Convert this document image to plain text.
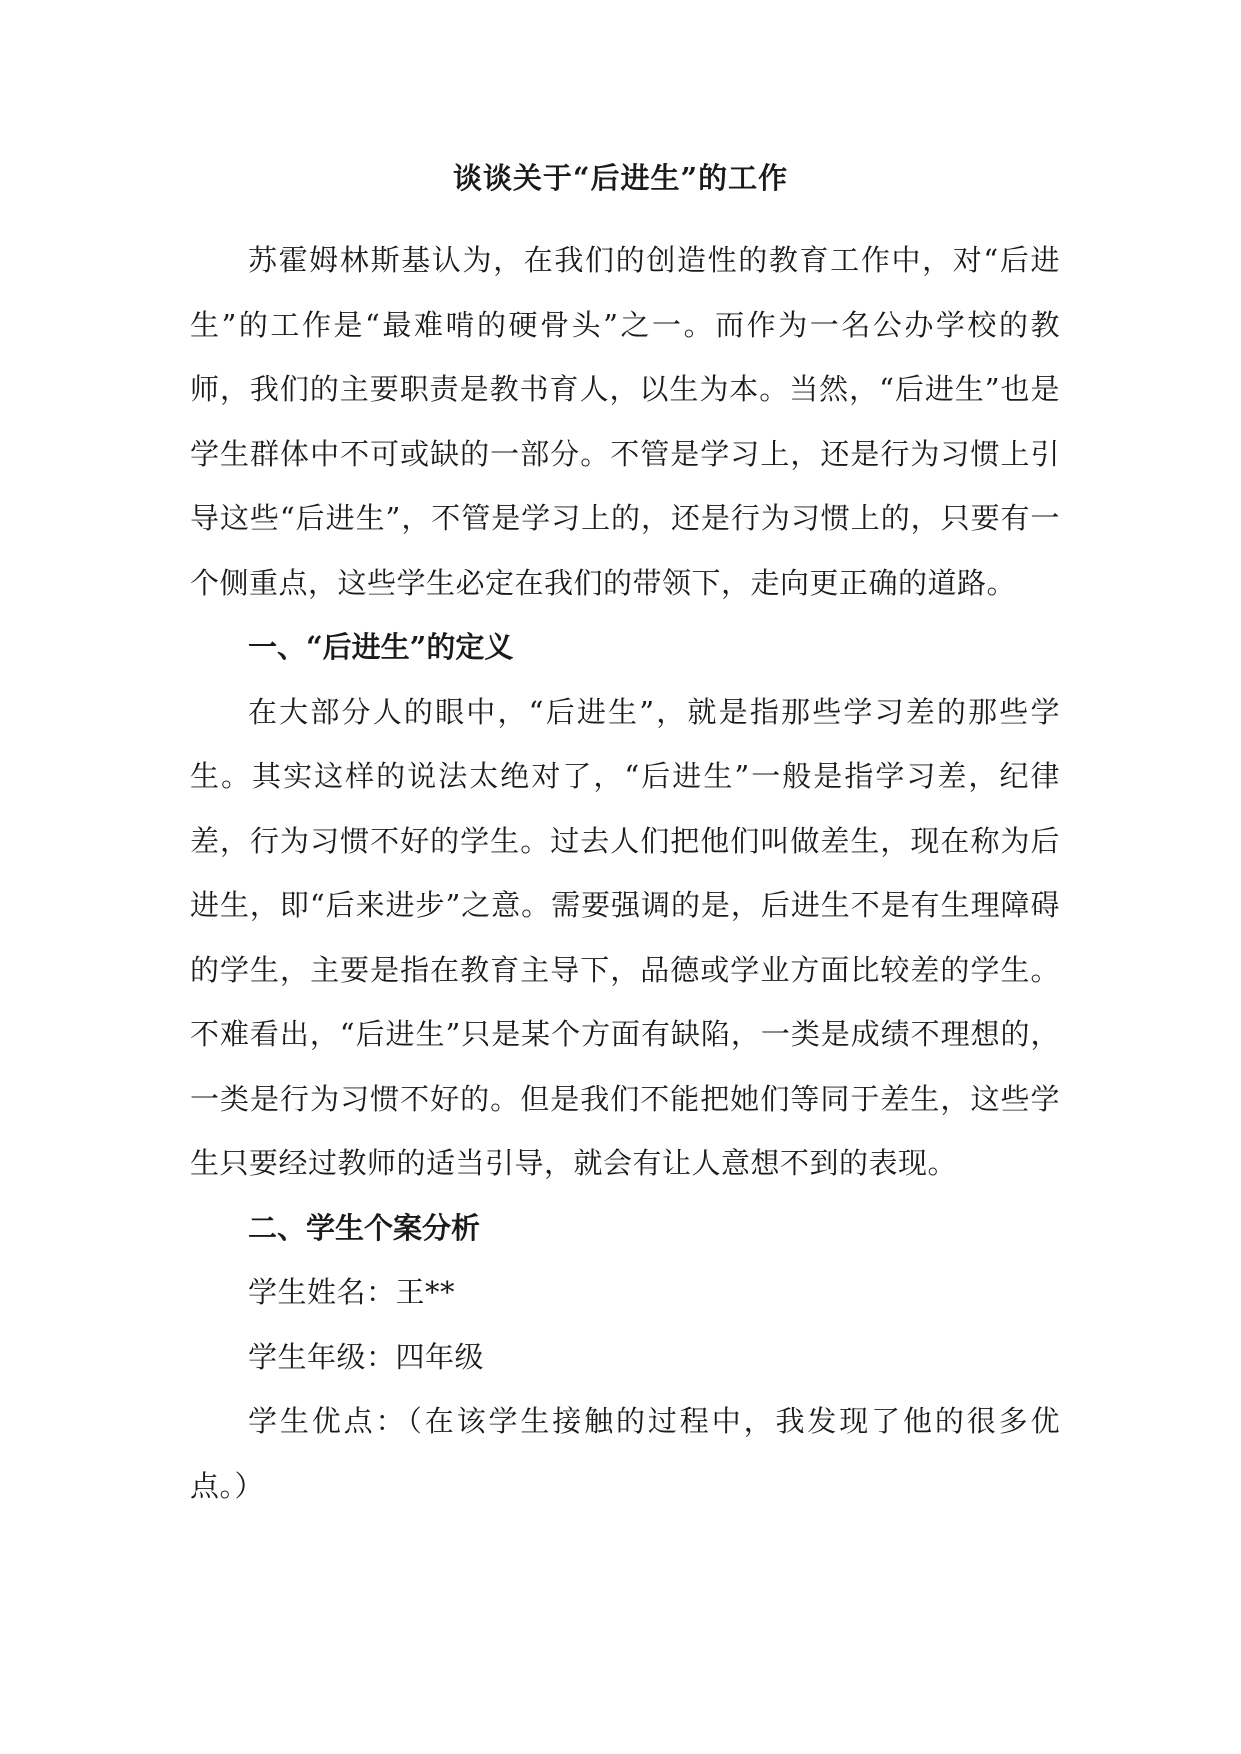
谈谈关于“后进生”的工作

苏霍姆林斯基认为，在我们的创造性的教育工作中，对“后进生”的工作是“最难啃的硬骨头”之一。而作为一名公办学校的教师，我们的主要职责是教书育人，以生为本。当然，“后进生”也是学生群体中不可或缺的一部分。不管是学习上，还是行为习惯上引导这些“后进生”，不管是学习上的，还是行为习惯上的，只要有一个侧重点，这些学生必定在我们的带领下，走向更正确的道路。

一、“后进生”的定义

在大部分人的眼中，“后进生”，就是指那些学习差的那些学生。其实这样的说法太绝对了，“后进生”一般是指学习差，纪律差，行为习惯不好的学生。过去人们把他们叫做差生，现在称为后进生，即“后来进步”之意。需要强调的是，后进生不是有生理障碍的学生，主要是指在教育主导下，品德或学业方面比较差的学生。不难看出，“后进生”只是某个方面有缺陷，一类是成绩不理想的，一类是行为习惯不好的。但是我们不能把她们等同于差生，这些学生只要经过教师的适当引导，就会有让人意想不到的表现。

二、学生个案分析

学生姓名：王**

学生年级：四年级

学生优点：（在该学生接触的过程中，我发现了他的很多优点。）
